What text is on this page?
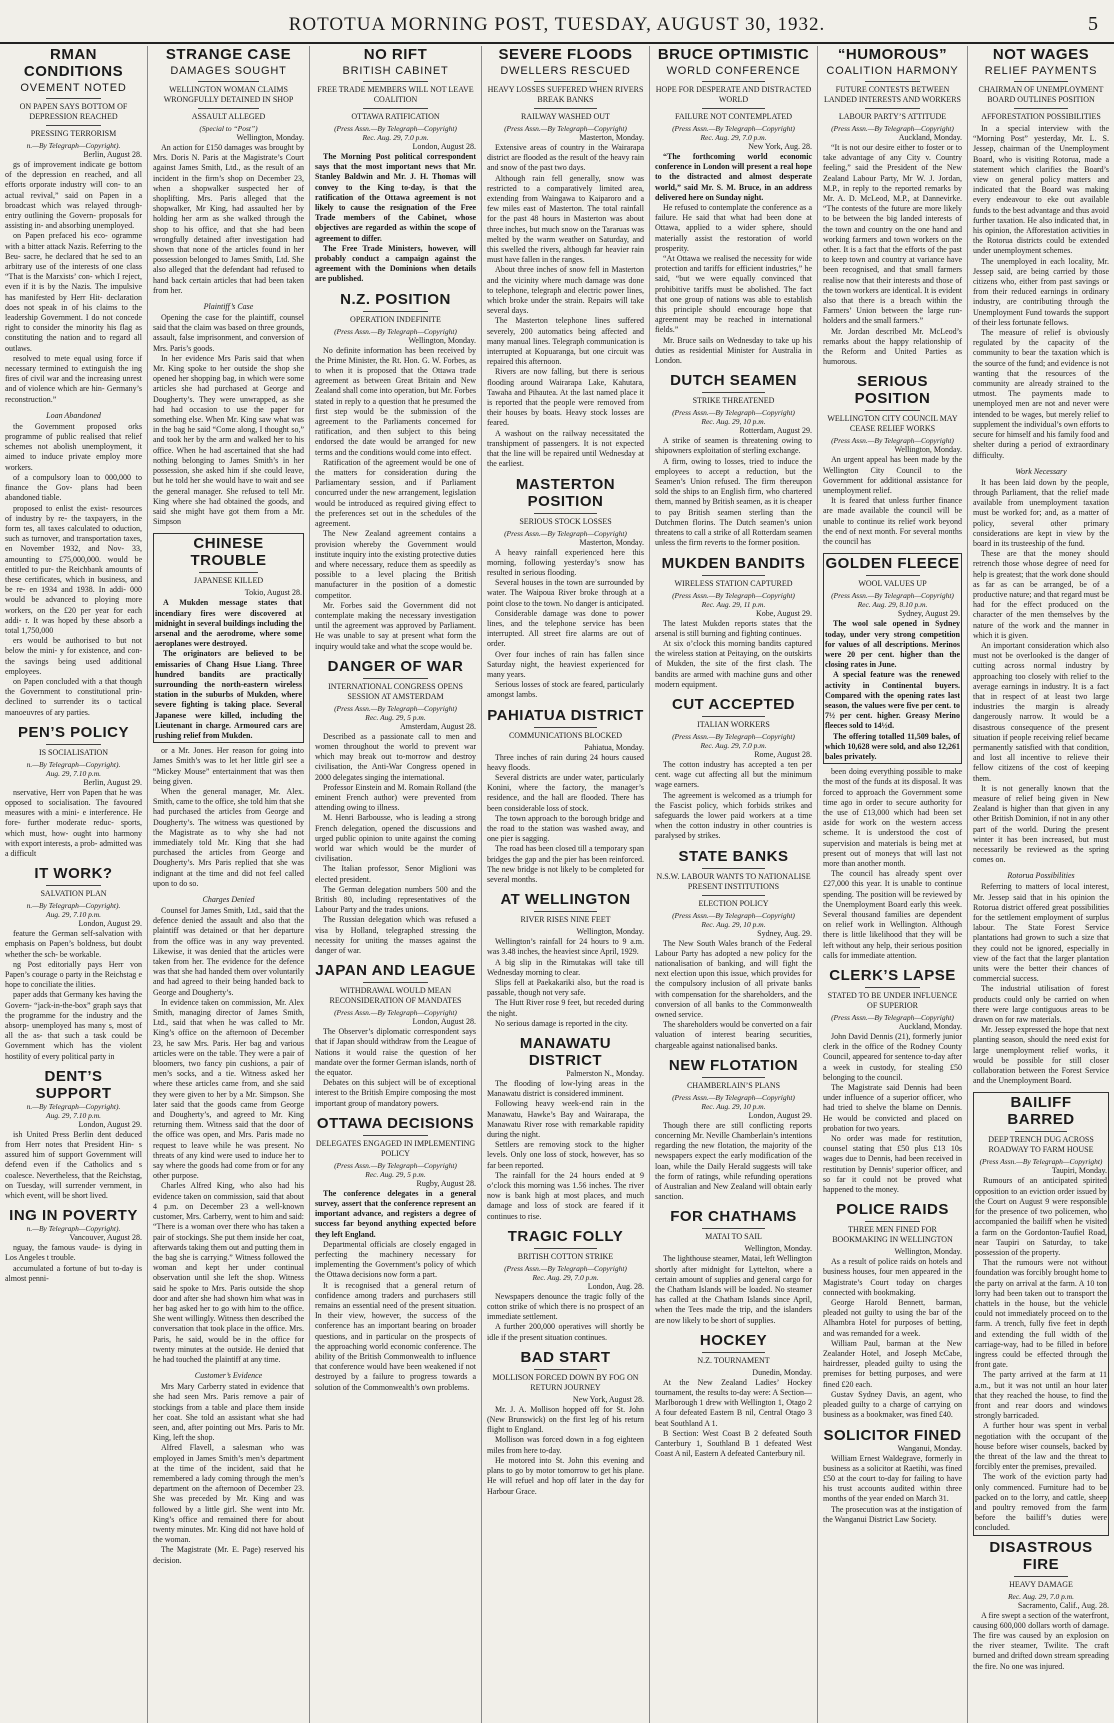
ROTOTUA MORNING POST, TUESDAY, AUGUST 30, 1932.	5
RMAN CONDITIONS
OVEMENT NOTED
ON PAPEN SAYS BOTTOM OF DEPRESSION REACHED
PRESSING TERRORISM
n.—By Telegraph—Copyright).
Berlin, August 28.

gs of improvement indicate ge bottom of the depression en reached, and all efforts orporate industry will con- to an actual revival,” said on Papen in a broadcast which was relayed through- entry outlining the Govern- proposals for assisting in- and absorbing unemployed.

on Papen prefaced his eco- ogramme with a bitter attack Nazis. Referring to the Beu- sacre, he declared that he sed to an arbitrary use of the interests of one class “That is the Marxists’ con- which I reject, even if it is by the Nazis. The impulsive has manifested by Herr Hit- declaration does not speak in of his claims to the leadership Government. I do not concede right to consider the minority his flag as constituting the nation and to regard all outlaws.

resolved to mete equal using force if necessary termined to extinguish the ing fires of civil war and the increasing unrest and of violence which are hin- Germany’s reconstruction.”

Loan Abandoned

the Government proposed orks programme of public realised that relief schemes not abolish unemployment, it aimed to induce private employ more workers.

of a compulsory loan to 000,000 to finance the Gov- plans had been abandoned tiable.

proposed to enlist the exist- resources of industry by re- the taxpayers, in the form tes, all taxes calculated to oduction, such as turnover, and transportation taxes, en November 1932, and Nov- 33, amounting to £75,000,000. would be entitled to pur- the Reichbank amounts of these certificates, which in business, and be re- en 1934 and 1938. In addi- 000 would be advanced to ploying more workers, on the £20 per year for each addi- r. It was hoped by these absorb a total 1,750,000

ers would be authorised to but not below the mini- y for existence, and con- the savings being used additional employees.

on Papen concluded with a that though the Government to constitutional prin- declined to surrender its o tactical manoeuvres of ary parties.

PEN’S POLICY
IS SOCIALISATION
n.—By Telegraph—Copyright).
Aug. 29, 7.10 p.m.
Berlin, August 29.

nservative, Herr von Papen that he was opposed to socialisation. The favoured measures with a mini- e interference. He fore- further moderate reduc- sports, which must, how- ought into harmony with export interests, a prob- admitted was a difficult

IT WORK?
SALVATION PLAN
n.—By Telegraph—Copyright).
Aug. 29, 7.10 p.m.
London, August 29.

feature the German self-salvation with emphasis on Papen’s boldness, but doubt whether the sch- be workable.

ng Post editorially pays Herr von Papen’s courage o party in the Reichstag e hope to conciliate the ilities.

paper adds that Germany kes having the Govern- “jack-in-the-box” graph says that the programme for the industry and the absorp- unemployed has many s, most of all the as- that such a task could be Government which has the violent hostility of every political party in

DENT’S SUPPORT
n.—By Telegraph—Copyright).
Aug. 29, 7.10 p.m.
London, August 29.

ish United Press Berlin dent deduced from Herr notes that President Hin- s assured him of support Government will defend even if the Catholics and s coalesce. Nevertheless, that the Reichstag, on Tuesday, will surrender vernment, in which event, will be short lived.

ING IN POVERTY
n.—By Telegraph—Copyright).
Vancouver, August 28.

nguay, the famous vaude- is dying in Los Angeles t trouble.

accumulated a fortune of but to-day is almost penni-

STRANGE CASE
DAMAGES SOUGHT
WELLINGTON WOMAN CLAIMS WRONGFULLY DETAINED IN SHOP
ASSAULT ALLEGED
(Special to “Post”)
Wellington, Monday.

An action for £150 damages was brought by Mrs. Doris N. Paris at the Magistrate’s Court against James Smith, Ltd., as the result of an incident in the firm’s shop on December 23, when a shopwalker suspected her of shoplifting. Mrs. Paris alleged that the shopwalker, Mr King, had assaulted her by holding her arm as she walked through the shop to his office, and that she had been wrongfully detained after investigation had shown that none of the articles found in her possession belonged to James Smith, Ltd. She also alleged that the defendant had refused to hand back certain articles that had been taken from her.

Plaintiff’s Case

Opening the case for the plaintiff, counsel said that the claim was based on three grounds, assault, false imprisonment, and conversion of Mrs. Paris’s goods.

In her evidence Mrs Paris said that when Mr. King spoke to her outside the shop she opened her shopping bag, in which were some articles she had purchased at George and Dougherty’s. They were unwrapped, as she had had occasion to use the paper for something else. When Mr. King saw what was in the bag he said “Come along, I thought so,” and took her by the arm and walked her to his office. When he had ascertained that she had nothing belonging to James Smith’s in her possession, she asked him if she could leave, but he told her she would have to wait and see the general manager. She refused to tell Mr. King where she had obtained the goods, and said she might have got them from a Mr. Simpson

CHINESE TROUBLE
JAPANESE KILLED
Tokio, August 28.

A Mukden message states that incendiary fires were discovered at midnight in several buildings including the arsenal and the aerodrome, where some aeroplanes were destroyed.

The originators are believed to be emissaries of Chang Hsue Liang. Three hundred bandits are practically surrounding the north-eastern wireless station in the suburbs of Mukden, where severe fighting is taking place. Several Japanese were killed, including the Lieutenant in charge. Armoured cars are rushing relief from Mukden.

or a Mr. Jones. Her reason for going into James Smith’s was to let her little girl see a “Mickey Mouse” entertainment that was then being given.

When the general manager, Mr. Alex. Smith, came to the office, she told him that she had purchased the articles from George and Dougherty’s. The witness was questioned by the Magistrate as to why she had not immediately told Mr. King that she had purchased the articles from George and Dougherty’s. Mrs Paris replied that she was indignant at the time and did not feel called upon to do so.

Charges Denied

Counsel for James Smith, Ltd., said that the defence denied the assault and also that the plaintiff was detained or that her departure from the office was in any way prevented. Likewise, it was denied that the articles were taken from her. The evidence for the defence was that she had handed them over voluntarily and had agreed to their being handed back to George and Dougherty’s.

In evidence taken on commission, Mr. Alex Smith, managing director of James Smith, Ltd., said that when he was called to Mr. King’s office on the afternoon of December 23, he saw Mrs. Paris. Her bag and various articles were on the table. They were a pair of bloomers, two fancy pin cushions, a pair of men’s socks, and a tie. Witness asked her where these articles came from, and she said they were given to her by a Mr. Simpson. She later said that the goods came from George and Dougherty’s, and agreed to Mr. King returning them. Witness said that the door of the office was open, and Mrs. Paris made no request to leave while he was present. No threats of any kind were used to induce her to say where the goods had come from or for any other purpose.

Charles Alfred King, who also had his evidence taken on commission, said that about 4 p.m. on December 23 a well-known customer, Mrs. Carberry, went to him and said: “There is a woman over there who has taken a pair of stockings. She put them inside her coat, afterwards taking them out and putting them in the bag she is carrying.” Witness followed the woman and kept her under continual observation until she left the shop. Witness said he spoke to Mrs. Paris outside the shop door and after she had shown him what was in her bag asked her to go with him to the office. She went willingly. Witness then described the conversation that took place in the office. Mrs. Paris, he said, would be in the office for twenty minutes at the outside. He denied that he had touched the plaintiff at any time.

Customer’s Evidence

Mrs Mary Carberry stated in evidence that she had seen Mrs. Paris remove a pair of stockings from a table and place them inside her coat. She told an assistant what she had seen, and, after pointing out Mrs. Paris to Mr. King, left the shop.

Alfred Flavell, a salesman who was employed in James Smith’s men’s department at the time of the incident, said that he remembered a lady coming through the men’s department on the afternoon of December 23. She was preceded by Mr. King and was followed by a little girl. She went into Mr. King’s office and remained there for about twenty minutes. Mr. King did not have hold of the woman.

The Magistrate (Mr. E. Page) reserved his decision.

NO RIFT
BRITISH CABINET
FREE TRADE MEMBERS WILL NOT LEAVE COALITION
OTTAWA RATIFICATION
(Press Assn.—By Telegraph—Copyright)
Rec. Aug. 29, 7.0 p.m.
London, August 28.

The Morning Post political correspondent says that the most important news that Mr. Stanley Baldwin and Mr. J. H. Thomas will convey to the King to-day, is that the ratification of the Ottawa agreement is not likely to cause the resignation of the Free Trade members of the Cabinet, whose objectives are regarded as within the scope of agreement to differ.

The Free Trade Ministers, however, will probably conduct a campaign against the agreement with the Dominions when details are published.

N.Z. POSITION
OPERATION INDEFINITE
(Press Assn.—By Telegraph—Copyright)
Wellington, Monday.

No definite information has been received by the Prime Minister, the Rt. Hon. G. W. Forbes, as to when it is proposed that the Ottawa trade agreement as between Great Britain and New Zealand shall come into operation, but Mr. Forbes stated in reply to a question that he presumed the first step would be the submission of the agreement to the Parliaments concerned for ratification, and then subject to this being endorsed the date would be arranged for new terms and the conditions would come into effect.

Ratification of the agreement would be one of the matters for consideration during the Parliamentary session, and if Parliament concurred under the new arrangement, legislation would be introduced as required giving effect to the preferences set out in the schedules of the agreement.

The New Zealand agreement contains a provision whereby the Government would institute inquiry into the existing protective duties and where necessary, reduce them as speedily as possible to a level placing the British manufacturer in the position of a domestic competitor.

Mr. Forbes said the Government did not contemplate making the necessary investigation until the agreement was approved by Parliament. He was unable to say at present what form the inquiry would take and what the scope would be.

DANGER OF WAR
INTERNATIONAL CONGRESS OPENS SESSION AT AMSTERDAM
(Press Assn.—By Telegraph—Copyright)
Rec. Aug. 29, 5 p.m.
Amsterdam, August 28.

Described as a passionate call to men and women throughout the world to prevent war which may break out to-morrow and destroy civilisation, the Anti-War Congress opened in 2000 delegates singing the international.

Professor Einstein and M. Romain Rolland (the eminent French author) were prevented from attending owing to illness.

M. Henri Barbousse, who is leading a strong French delegation, opened the discussions and urged public opinion to unite against the coming world war which would be the murder of civilisation.

The Italian professor, Senor Miglioni was elected president.

The German delegation numbers 500 and the British 80, including representatives of the Labour Party and the trades unions.

The Russian delegation which was refused a visa by Holland, telegraphed stressing the necessity for uniting the masses against the danger of war.

JAPAN AND LEAGUE
WITHDRAWAL WOULD MEAN RECONSIDERATION OF MANDATES
(Press Assn.—By Telegraph—Copyright)
London, August 28.

The Observer’s diplomatic correspondent says that if Japan should withdraw from the League of Nations it would raise the question of her mandate over the former German islands, north of the equator.

Debates on this subject will be of exceptional interest to the British Empire composing the most important group of mandatory powers.

OTTAWA DECISIONS
DELEGATES ENGAGED IN IMPLEMENTING POLICY
(Press Assn.—By Telegraph—Copyright)
Rec. Aug. 29, 5 p.m.
Rugby, August 28.

The conference delegates in a general survey, assert that the conference represent an important advance, and registers a degree of success far beyond anything expected before they left England.

Departmental officials are closely engaged in perfecting the machinery necessary for implementing the Government’s policy of which the Ottawa decisions now form a part.

It is recognised that a general return of confidence among traders and purchasers still remains an essential need of the present situation. In their view, however, the success of the conference has an important bearing on broader questions, and in particular on the prospects of the approaching world economic conference. The ability of the British Commonwealth to influence that conference would have been weakened if not destroyed by a failure to progress towards a solution of the Commonwealth’s own problems.

SEVERE FLOODS
DWELLERS RESCUED
HEAVY LOSSES SUFFERED WHEN RIVERS BREAK BANKS
RAILWAY WASHED OUT
(Press Assn.—By Telegraph—Copyright)
Masterton, Monday.

Extensive areas of country in the Wairarapa district are flooded as the result of the heavy rain and snow of the past two days.

Although rain fell generally, snow was restricted to a comparatively limited area, extending from Waingawa to Kaiparoro and a few miles east of Masterton. The total rainfall for the past 48 hours in Masterton was about three inches, but much snow on the Tararuas was melted by the warm weather on Saturday, and this swelled the rivers, although far heavier rain must have fallen in the ranges.

About three inches of snow fell in Masterton and the vicinity where much damage was done to telephone, telegraph and electric power lines, which broke under the strain. Repairs will take several days.

The Masterton telephone lines suffered severely, 200 automatics being affected and many manual lines. Telegraph communication is interrupted at Kopuaranga, but one circuit was repaired this afternoon.

Rivers are now falling, but there is serious flooding around Wairarapa Lake, Kahutara, Tawaha and Pihautea. At the last named place it is reported that the people were removed from their houses by boats. Heavy stock losses are feared.

A washout on the railway necessitated the transhipment of passengers. It is not expected that the line will be repaired until Wednesday at the earliest.

MASTERTON POSITION
SERIOUS STOCK LOSSES
(Press Assn.—By Telegraph—Copyright)
Masterton, Monday.

A heavy rainfall experienced here this morning, following yesterday’s snow has resulted in serious flooding.

Several houses in the town are surrounded by water. The Waipoua River broke through at a point close to the town. No danger is anticipated.

Considerable damage was done to power lines, and the telephone service has been interrupted. All street fire alarms are out of order.

Over four inches of rain has fallen since Saturday night, the heaviest experienced for many years.

Serious losses of stock are feared, particularly amongst lambs.

PAHIATUA DISTRICT
COMMUNICATIONS BLOCKED
Pahiatua, Monday.

Three inches of rain during 24 hours caused heavy floods.

Several districts are under water, particularly Konini, where the factory, the manager’s residence, and the hall are flooded. There has been considerable loss of stock.

The town approach to the borough bridge and the road to the station was washed away, and one pier is sagging.

The road has been closed till a temporary span bridges the gap and the pier has been reinforced. The new bridge is not likely to be completed for several months.

AT WELLINGTON
RIVER RISES NINE FEET
Wellington, Monday.

Wellington’s rainfall for 24 hours to 9 a.m. was 3.48 inches, the heaviest since April, 1929.

A big slip in the Rimutakas will take till Wednesday morning to clear.

Slips fell at Paekakariki also, but the road is passable, though not very safe.

The Hutt River rose 9 feet, but receded during the night.

No serious damage is reported in the city.

MANAWATU DISTRICT
Palmerston N., Monday.

The flooding of low-lying areas in the Manawatu district is considered imminent.

Following heavy week-end rain in the Manawatu, Hawke’s Bay and Wairarapa, the Manawatu River rose with remarkable rapidity during the night.

Settlers are removing stock to the higher levels. Only one loss of stock, however, has so far been reported.

The rainfall for the 24 hours ended at 9 o’clock this morning was 1.56 inches. The river now is bank high at most places, and much damage and loss of stock are feared if it continues to rise.

TRAGIC FOLLY
BRITISH COTTON STRIKE
(Press Assn.—By Telegraph—Copyright)
Rec. Aug. 29, 7.0 p.m.
London, Aug. 28.

Newspapers denounce the tragic folly of the cotton strike of which there is no prospect of an immediate settlement.

A further 200,000 operatives will shortly be idle if the present situation continues.

BAD START
MOLLISON FORCED DOWN BY FOG ON RETURN JOURNEY
New York, August 28.

Mr. J. A. Mollison hopped off for St. John (New Brunswick) on the first leg of his return flight to England.

Mollison was forced down in a fog eighteen miles from here to-day.

He motored into St. John this evening and plans to go by motor tomorrow to get his plane. He will refuel and hop off later in the day for Harbour Grace.

BRUCE OPTIMISTIC
WORLD CONFERENCE
HOPE FOR DESPERATE AND DISTRACTED WORLD
FAILURE NOT CONTEMPLATED
(Press Assn.—By Telegraph—Copyright)
Rec. Aug. 29, 7.0 p.m.
New York, Aug. 28.

“The forthcoming world economic conference in London will present a real hope to the distracted and almost desperate world,” said Mr. S. M. Bruce, in an address delivered here on Sunday night.

He refused to contemplate the conference as a failure. He said that what had been done at Ottawa, applied to a wider sphere, should materially assist the restoration of world prosperity.

“At Ottawa we realised the necessity for wide protection and tariffs for efficient industries,” he said, “but we were equally convinced that prohibitive tariffs must be abolished. The fact that one group of nations was able to establish this principle should encourage hope that agreement may be reached in international fields.”

Mr. Bruce sails on Wednesday to take up his duties as residential Minister for Australia in London.

DUTCH SEAMEN
STRIKE THREATENED
(Press Assn.—By Telegraph—Copyright)
Rec. Aug. 29, 10 p.m.
Rotterdam, August 29.

A strike of seamen is threatening owing to shipowners exploitation of sterling exchange.

A firm, owing to losses, tried to induce the employees to accept a reduction, but the Seamen’s Union refused. The firm thereupon sold the ships to an English firm, who chartered them, manned by British seamen, as it is cheaper to pay British seamen sterling than the Dutchmen florins. The Dutch seamen’s union threatens to call a strike of all Rotterdam seamen unless the firm reverts to the former position.

MUKDEN BANDITS
WIRELESS STATION CAPTURED
(Press Assn.—By Telegraph—Copyright)
Rec. Aug. 29, 11 p.m.
Kobe, August 29.

The latest Mukden reports states that the arsenal is still burning and fighting continues.

At six o’clock this morning bandits captured the wireless station at Peitaying, on the outskirts of Mukden, the site of the first clash. The bandits are armed with machine guns and other modern equipment.

CUT ACCEPTED
ITALIAN WORKERS
(Press Assn.—By Telegraph—Copyright)
Rec. Aug. 29, 7.0 p.m.
Rome, August 28.

The cotton industry has accepted a ten per cent. wage cut affecting all but the minimum wage earners.

The agreement is welcomed as a triumph for the Fascist policy, which forbids strikes and safeguards the lower paid workers at a time when the cotton industry in other countries is paralysed by strikes.

STATE BANKS
N.S.W. LABOUR WANTS TO NATIONALISE PRESENT INSTITUTIONS
ELECTION POLICY
(Press Assn.—By Telegraph—Copyright)
Rec. Aug. 29, 10 p.m.
Sydney, Aug. 29.

The New South Wales branch of the Federal Labour Party has adopted a new policy for the nationalisation of banking, and will fight the next election upon this issue, which provides for the compulsory inclusion of all private banks with compensation for the shareholders, and the conversion of all banks to the Commonwealth owned service.

The shareholders would be converted on a fair valuation of interest bearing securities, chargeable against nationalised banks.

NEW FLOTATION
CHAMBERLAIN’S PLANS
(Press Assn.—By Telegraph—Copyright)
Rec. Aug. 29, 10 p.m.
London, August 29.

Though there are still conflicting reports concerning Mr. Neville Chamberlain’s intentions regarding the new flotation, the majority of the newspapers expect the early modification of the loan, while the Daily Herald suggests will take the form of ratings, while refunding operations of Australian and New Zealand will obtain early sanction.

FOR CHATHAMS
MATAI TO SAIL
Wellington, Monday.

The lighthouse steamer, Matai, left Wellington shortly after midnight for Lyttelton, where a certain amount of supplies and general cargo for the Chatham Islands will be loaded. No steamer has called at the Chatham Islands since April, when the Tees made the trip, and the islanders are now likely to be short of supplies.

HOCKEY
N.Z. TOURNAMENT
Dunedin, Monday.

At the New Zealand Ladies’ Hockey tournament, the results to-day were: A Section—Marlborough 1 drew with Wellington 1, Otago 2 A four defeated Eastern B nil, Central Otago 3 beat Southland A 1.

B Section: West Coast B 2 defeated South Canterbury 1, Southland B 1 defeated West Coast A nil, Eastern A defeated Canterbury nil.

“HUMOROUS”
COALITION HARMONY
FUTURE CONTESTS BETWEEN LANDED INTERESTS AND WORKERS
LABOUR PARTY’S ATTITUDE
(Press Assn.—By Telegraph—Copyright)
Auckland, Monday.

“It is not our desire either to foster or to take advantage of any City v. Country feeling,” said the President of the New Zealand Labour Party, Mr W. J. Jordan, M.P., in reply to the reported remarks by Mr. A. D. McLeod, M.P., at Dannevirke. “The contests of the future are more likely to be between the big landed interests of the town and country on the one hand and working farmers and town workers on the other. It is a fact that the efforts of the past to keep town and country at variance have been recognised, and that small farmers realise now that their interests and those of the town workers are identical. It is evident also that there is a breach within the Farmers’ Union between the large run-holders and the small farmers.”

Mr. Jordan described Mr. McLeod’s remarks about the happy relationship of the Reform and United Parties as humorous.

SERIOUS POSITION
WELLINGTON CITY COUNCIL MAY CEASE RELIEF WORKS
(Press Assn.—By Telegraph—Copyright)
Wellington, Monday.

An urgent appeal has been made by the Wellington City Council to the Government for additional assistance for unemployment relief.

It is feared that unless further finance are made available the council will be unable to continue its relief work beyond the end of next month. For several months the council has

GOLDEN FLEECE
WOOL VALUES UP
(Press Assn.—By Telegraph—Copyright)
Rec. Aug. 29, 8.10 p.m.
Sydney, August 29.

The wool sale opened in Sydney today, under very strong competition for values of all descriptions. Merinos were 20 per cent. higher than the closing rates in June.

A special feature was the renewed activity in Continental buyers. Compared with the opening rates last season, the values were five per cent. to 7½ per cent. higher. Greasy Merino fleeces sold to 14½d.

The offering totalled 11,509 bales, of which 10,628 were sold, and also 12,261 bales privately.

been doing everything possible to make the most of the funds at its disposal. It was forced to approach the Government some time ago in order to secure authority for the use of £13,000 which had been set aside for work on the western access scheme. It is understood the cost of supervision and materials is being met at present out of moneys that will last not more than another month.

The council has already spent over £27,000 this year. It is unable to continue spending. The position will be reviewed by the Unemployment Board early this week. Several thousand families are dependent on relief work in Wellington. Although there is little likelihood that they will be left without any help, their serious position calls for immediate attention.

CLERK’S LAPSE
STATED TO BE UNDER INFLUENCE OF SUPERIOR
(Press Assn.—By Telegraph—Copyright)
Auckland, Monday.

John David Dennis (21), formerly junior clerk in the office of the Rodney County Council, appeared for sentence to-day after a week in custody, for stealing £50 belonging to the council.

The Magistrate said Dennis had been under influence of a superior officer, who had tried to shelve the blame on Dennis. He would be convicted and placed on probation for two years.

No order was made for restitution, counsel stating that £50 plus £13 10s wages due to Dennis, had been received in restitution by Dennis’ superior officer, and so far it could not be proved what happened to the money.

POLICE RAIDS
THREE MEN FINED FOR BOOKMAKING IN WELLINGTON
Wellington, Monday.

As a result of police raids on hotels and business houses, four men appeared in the Magistrate’s Court today on charges connected with bookmaking.

George Harold Bennett, barman, pleaded not guilty to using the bar of the Alhambra Hotel for purposes of betting, and was remanded for a week.

William Paul, barman at the New Zealander Hotel, and Joseph McCabe, hairdresser, pleaded guilty to using the premises for betting purposes, and were fined £20 each.

Gustav Sydney Davis, an agent, who pleaded guilty to a charge of carrying on business as a bookmaker, was fined £40.

SOLICITOR FINED
Wanganui, Monday.

William Ernest Waldegrave, formerly in business as a solicitor at Raetihi, was fined £50 at the court to-day for failing to have his trust accounts audited within three months of the year ended on March 31.

The prosecution was at the instigation of the Wanganui District Law Society.

NOT WAGES
RELIEF PAYMENTS
CHAIRMAN OF UNEMPLOYMENT BOARD OUTLINES POSITION
AFFORESTATION POSSIBILITIES

In a special interview with the “Morning Post” yesterday, Mr. L. S. Jessep, chairman of the Unemployment Board, who is visiting Rotorua, made a statement which clarifies the Board’s view on general policy matters and indicated that the Board was making every endeavour to eke out available funds to the best advantage and thus avoid further taxation. He also indicated that, in his opinion, the Afforestation activities in the Rotorua districts could be extended under unemployment schemes.

The unemployed in each locality, Mr. Jessep said, are being carried by those citizens who, either from past savings or from their reduced earnings in ordinary industry, are contributing through the Unemployment Fund towards the support of their less fortunate fellows.

The measure of relief is obviously regulated by the capacity of the community to bear the taxation which is the source of the fund; and evidence is not wanting that the resources of the community are already strained to the utmost. The payments made to unemployed men are not and never were intended to be wages, but merely relief to supplement the individual’s own efforts to secure for himself and his family food and shelter during a period of extraordinary difficulty.

Work Necessary

It has been laid down by the people, through Parliament, that the relief made available from unemployment taxation must be worked for; and, as a matter of policy, several other primary considerations are kept in view by the board in its trusteeship of the fund.

These are that the money should retrench those whose degree of need for help is greatest; that the work done should as far as can be arranged, be of a productive nature; and that regard must be had for the effect produced on the character of the men themselves by the nature of the work and the manner in which it is given.

An important consideration which also must not be overlooked is the danger of cutting across normal industry by approaching too closely with relief to the average earnings in industry. It is a fact that in respect of at least two large industries the margin is already dangerously narrow. It would be a disastrous consequence of the present situation if people receiving relief became permanently satisfied with that condition, and lost all incentive to relieve their fellow citizens of the cost of keeping them.

It is not generally known that the measure of relief being given in New Zealand is higher than that given in any other British Dominion, if not in any other part of the world. During the present winter it has been increased, but must necessarily be reviewed as the spring comes on.

Rotorua Possibilities

Referring to matters of local interest, Mr. Jessep said that in his opinion the Rotorua district offered great possibilities for the settlement employment of surplus labour. The State Forest Service plantations had grown to such a size that they could not be ignored, especially in view of the fact that the larger plantation units were the better their chances of commercial success.

The industrial utilisation of forest products could only be carried on when there were large contiguous areas to be drawn on for raw materials.

Mr. Jessep expressed the hope that next planting season, should the need exist for large unemployment relief works, it would be possible for still closer collaboration between the Forest Service and the Unemployment Board.

BAILIFF BARRED
DEEP TRENCH DUG ACROSS ROADWAY TO FARM HOUSE
(Press Assn.—By Telegraph—Copyright)
Taupiri, Monday.

Rumours of an anticipated spirited opposition to an eviction order issued by the Court on August 9 were responsible for the presence of two policemen, who accompanied the bailiff when he visited a farm on the Gordonton-Taufiel Road, near Taupiri on Saturday, to take possession of the property.

That the rumours were not without foundation was forcibly brought home to the party on arrival at the farm. A 10 ton lorry had been taken out to transport the chattels in the house, but the vehicle could not immediately proceed on to the farm. A trench, fully five feet in depth and extending the full width of the carriage-way, had to be filled in before ingress could be effected through the front gate.

The party arrived at the farm at 11 a.m., but it was not until an hour later that they reached the house, to find the front and rear doors and windows strongly barricaded.

A further hour was spent in verbal negotiation with the occupant of the house before wiser counsels, backed by the threat of the law and the threat to forcibly enter the premises, prevailed.

The work of the eviction party had only commenced. Furniture had to be packed on to the lorry, and cattle, sheep and poultry removed from the farm before the bailiff’s duties were concluded.

DISASTROUS FIRE
HEAVY DAMAGE
Rec. Aug. 29, 7.0 p.m.
Sacramento, Calif., Aug. 28.

A fire swept a section of the waterfront, causing 600,000 dollars worth of damage. The fire was caused by an explosion on the river steamer, Twilite. The craft burned and drifted down stream spreading the fire. No one was injured.
